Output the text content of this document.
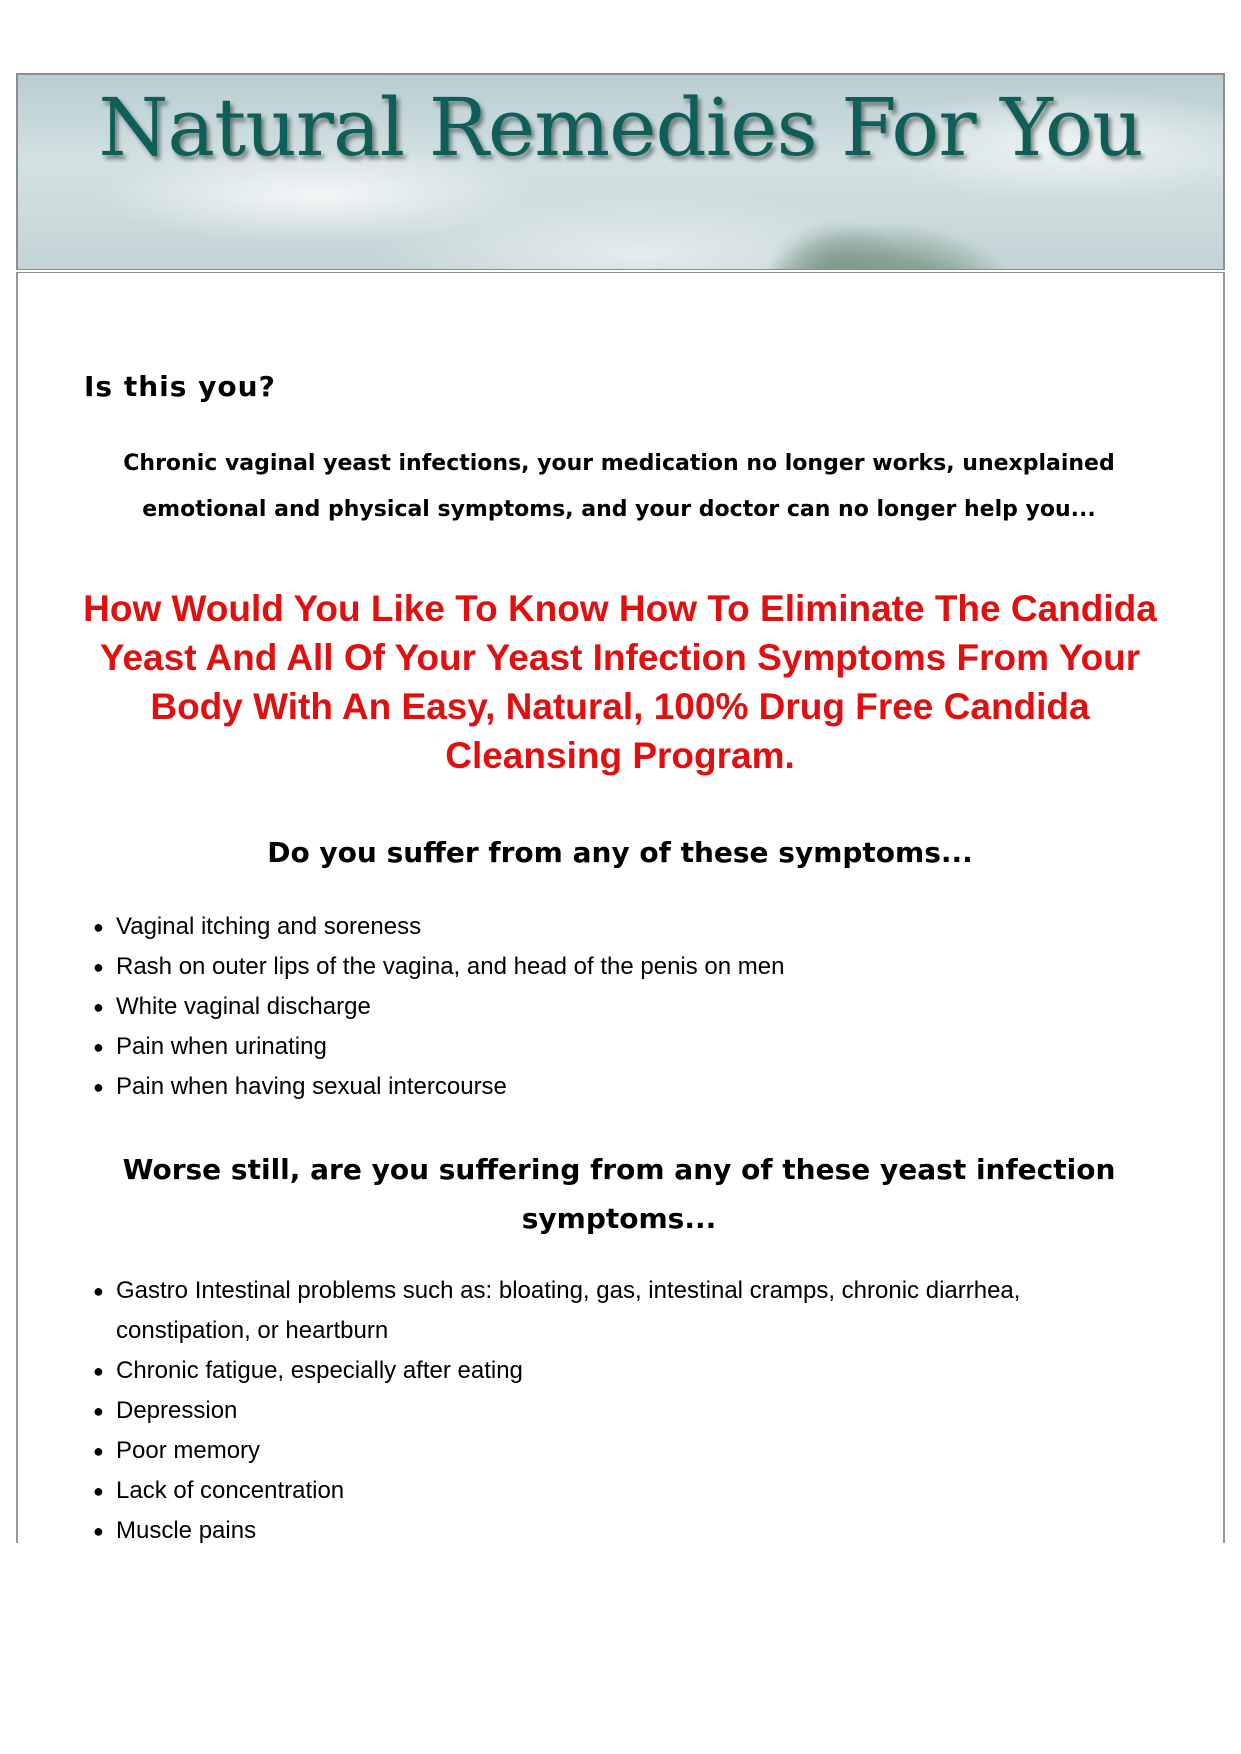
Natural Remedies For You
Is this you?

Chronic vaginal yeast infections, your medication no longer works, unexplained emotional and physical symptoms, and your doctor can no longer help you...

How Would You Like To Know How To Eliminate The Candida Yeast And All Of Your Yeast Infection Symptoms From Your Body With An Easy, Natural, 100% Drug Free Candida Cleansing Program.
Do you suffer from any of these symptoms...
● Vaginal itching and soreness
● Rash on outer lips of the vagina, and head of the penis on men
● White vaginal discharge
● Pain when urinating
● Pain when having sexual intercourse
Worse still, are you suffering from any of these yeast infection symptoms...
● Gastro Intestinal problems such as: bloating, gas, intestinal cramps, chronic diarrhea, constipation, or heartburn
● Chronic fatigue, especially after eating
● Depression
● Poor memory
● Lack of concentration
● Muscle pains
